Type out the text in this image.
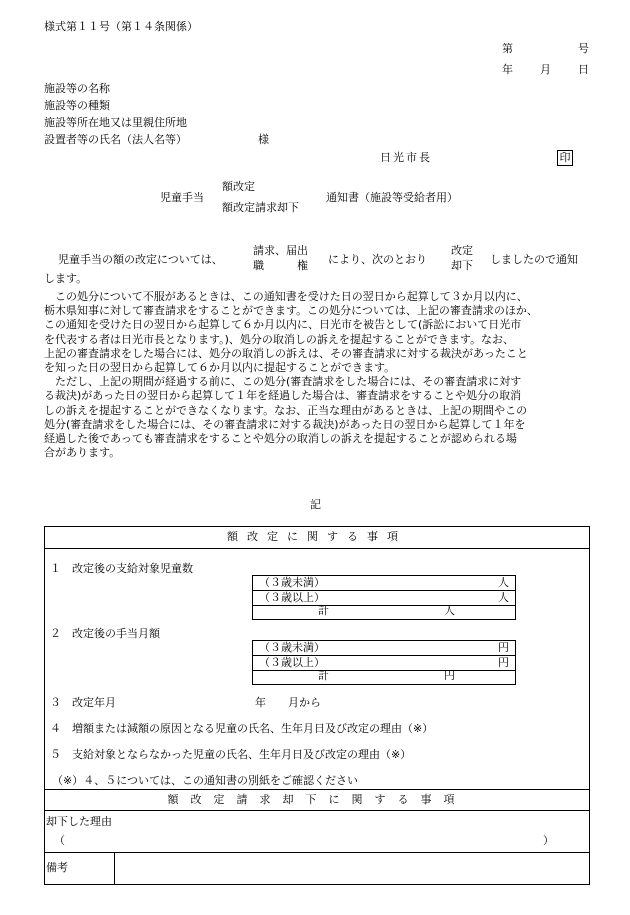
様式第１１号（第１４条関係）
第	号
年 月 日
施設等の名称
施設等の種類
施設等所在地又は里親住所地
設置者等の氏名（法人名等）	様
日光市長	印
児童手当
額改定
額改定請求却下
通知書（施設等受給者用）
児童手当の額の改定については、
請求、届出
職　　　権 により、次のとおり
改定
却下 しましたので通知
します。
　この処分について不服があるときは、この通知書を受けた日の翌日から起算して３か月以内に、
栃木県知事に対して審査請求をすることができます。この処分については、上記の審査請求のほか、
この通知を受けた日の翌日から起算して６か月以内に、日光市を被告として(訴訟において日光市
を代表する者は日光市長となります。)、処分の取消しの訴えを提起することができます。なお、
上記の審査請求をした場合には、処分の取消しの訴えは、その審査請求に対する裁決があったこと
を知った日の翌日から起算して６か月以内に提起することができます。
　ただし、上記の期間が経過する前に、この処分(審査請求をした場合には、その審査請求に対す
る裁決)があった日の翌日から起算して１年を経過した場合は、審査請求をすることや処分の取消
しの訴えを提起することができなくなります。なお、正当な理由があるときは、上記の期間やこの
処分(審査請求をした場合には、その審査請求に対する裁決)があった日の翌日から起算して１年を
経過した後であっても審査請求をすることや処分の取消しの訴えを提起することが認められる場
合があります。
記
額改定に関する事項
１　改定後の支給対象児童数
（３歳未満）	人
（３歳以上）	人
計	人
２　改定後の手当月額
（３歳未満）	円
（３歳以上）	円
計	円
３　改定年月	年 月から
４　増額または減額の原因となる児童の氏名、生年月日及び改定の理由（※）
５　支給対象とならなかった児童の氏名、生年月日及び改定の理由（※）
（※）４、５については、この通知書の別紙をご確認ください
額改定請求却下に関する事項
却下した理由
（	）
備考
